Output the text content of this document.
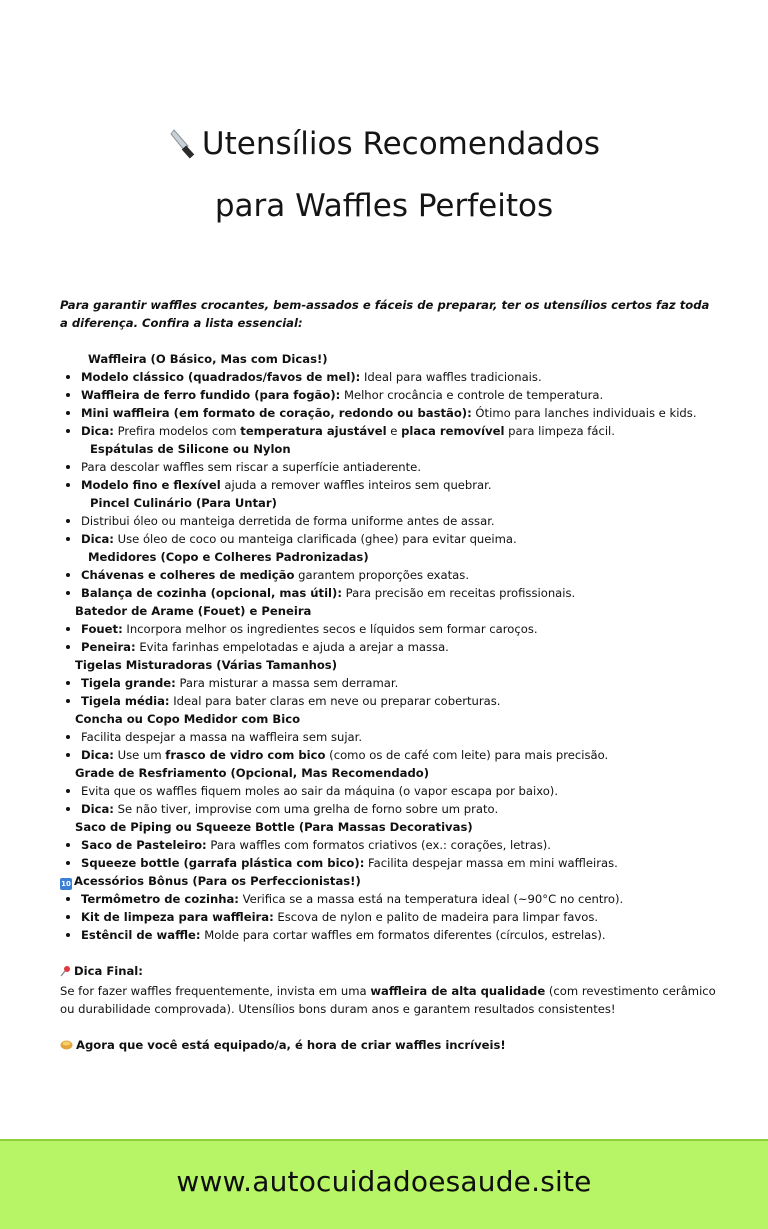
Utensílios Recomendados
para Waffles Perfeitos
Para garantir waffles crocantes, bem-assados e fáceis de preparar, ter os utensílios certos faz toda a diferença. Confira a lista essencial:
Waffleira (O Básico, Mas com Dicas!)
Modelo clássico (quadrados/favos de mel): Ideal para waffles tradicionais.
Waffleira de ferro fundido (para fogão): Melhor crocância e controle de temperatura.
Mini waffleira (em formato de coração, redondo ou bastão): Ótimo para lanches individuais e kids.
Dica: Prefira modelos com temperatura ajustável e placa removível para limpeza fácil.
Espátulas de Silicone ou Nylon
Para descolar waffles sem riscar a superfície antiaderente.
Modelo fino e flexível ajuda a remover waffles inteiros sem quebrar.
Pincel Culinário (Para Untar)
Distribui óleo ou manteiga derretida de forma uniforme antes de assar.
Dica: Use óleo de coco ou manteiga clarificada (ghee) para evitar queima.
Medidores (Copo e Colheres Padronizadas)
Chávenas e colheres de medição garantem proporções exatas.
Balança de cozinha (opcional, mas útil): Para precisão em receitas profissionais.
Batedor de Arame (Fouet) e Peneira
Fouet: Incorpora melhor os ingredientes secos e líquidos sem formar caroços.
Peneira: Evita farinhas empelotadas e ajuda a arejar a massa.
Tigelas Misturadoras (Várias Tamanhos)
Tigela grande: Para misturar a massa sem derramar.
Tigela média: Ideal para bater claras em neve ou preparar coberturas.
Concha ou Copo Medidor com Bico
Facilita despejar a massa na waffleira sem sujar.
Dica: Use um frasco de vidro com bico (como os de café com leite) para mais precisão.
Grade de Resfriamento (Opcional, Mas Recomendado)
Evita que os waffles fiquem moles ao sair da máquina (o vapor escapa por baixo).
Dica: Se não tiver, improvise com uma grelha de forno sobre um prato.
Saco de Piping ou Squeeze Bottle (Para Massas Decorativas)
Saco de Pasteleiro: Para waffles com formatos criativos (ex.: corações, letras).
Squeeze bottle (garrafa plástica com bico): Facilita despejar massa em mini waffleiras.
10 Acessórios Bônus (Para os Perfeccionistas!)
Termômetro de cozinha: Verifica se a massa está na temperatura ideal (~90°C no centro).
Kit de limpeza para waffleira: Escova de nylon e palito de madeira para limpar favos.
Estêncil de waffle: Molde para cortar waffles em formatos diferentes (círculos, estrelas).
Dica Final:
Se for fazer waffles frequentemente, invista em uma waffleira de alta qualidade (com revestimento cerâmico ou durabilidade comprovada). Utensílios bons duram anos e garantem resultados consistentes!
Agora que você está equipado/a, é hora de criar waffles incríveis!
www.autocuidadoesaude.site
